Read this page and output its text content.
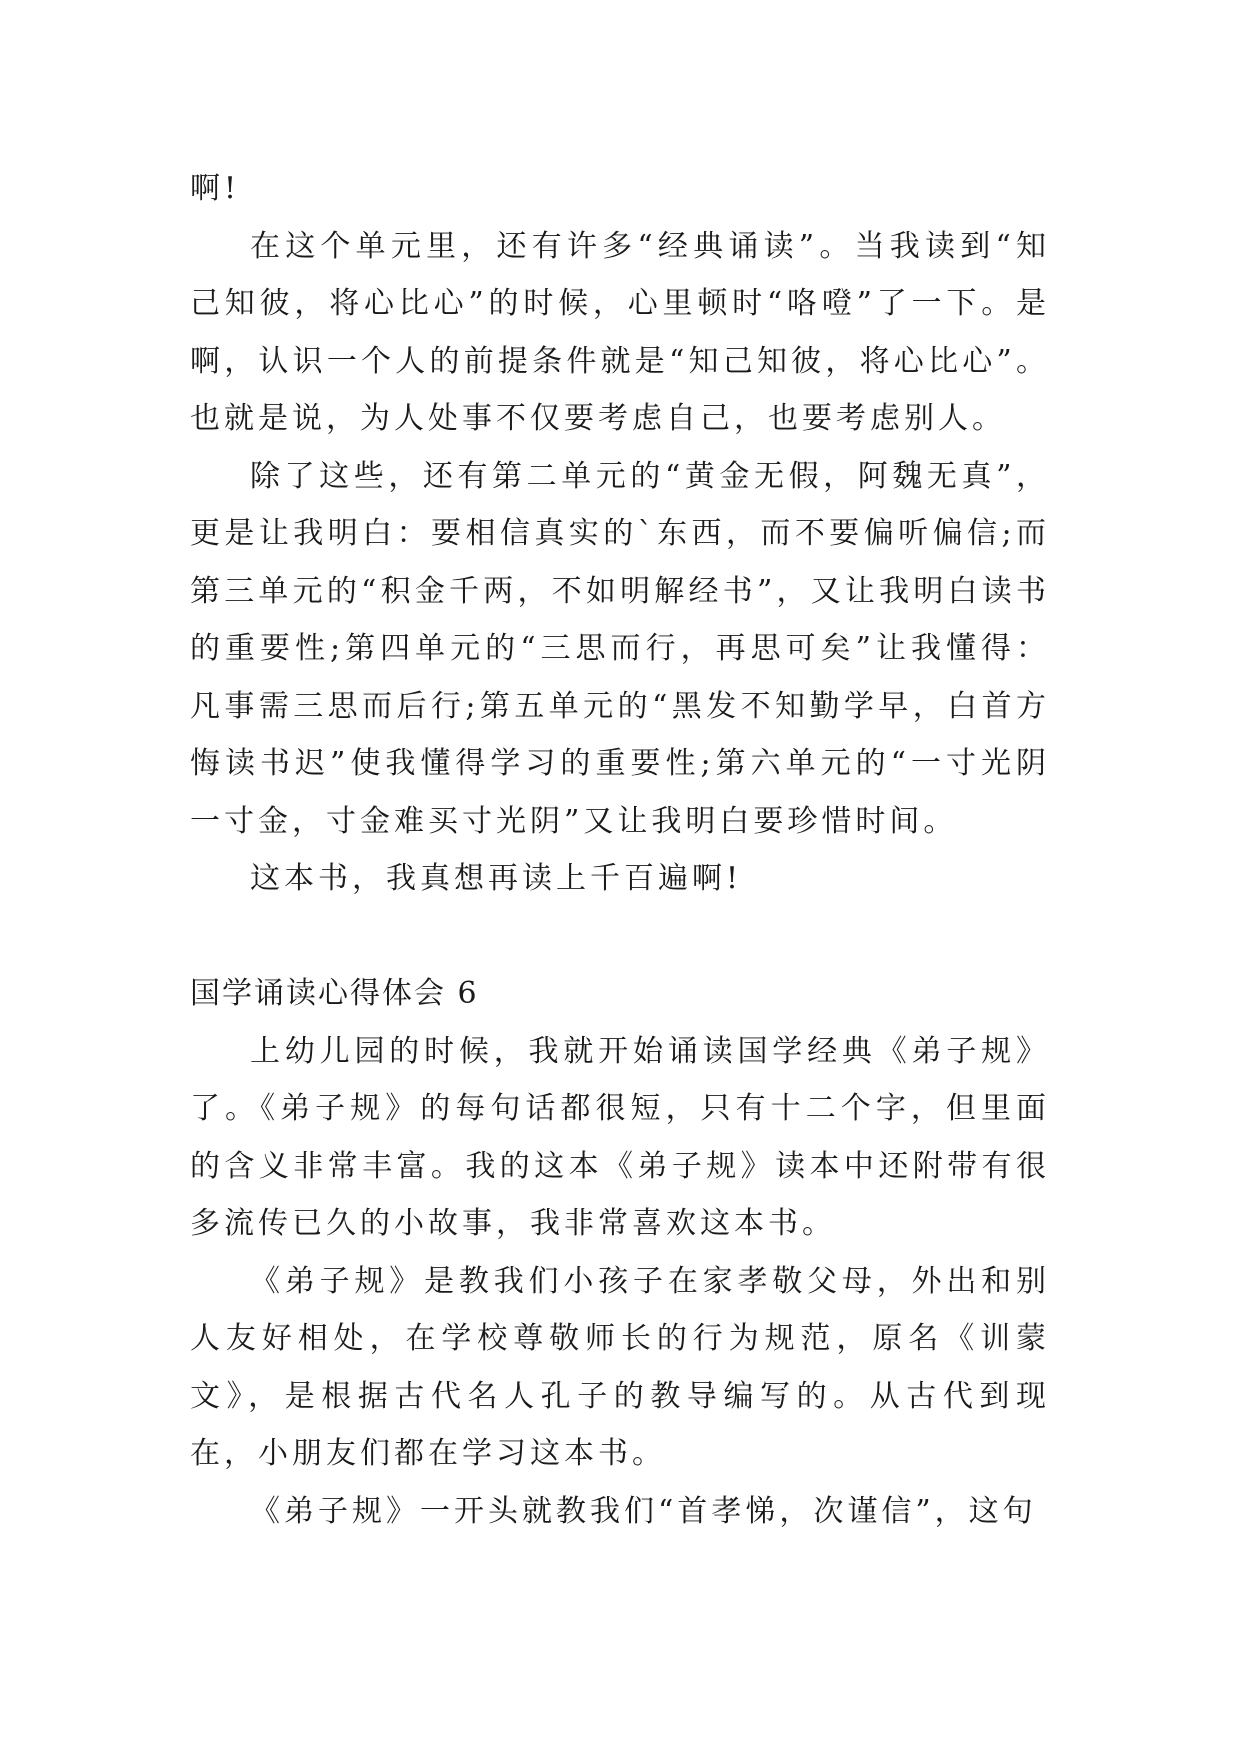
啊!

在这个单元里，还有许多“经典诵读”。当我读到“知己知彼，将心比心”的时候，心里顿时“咯噔”了一下。是啊，认识一个人的前提条件就是“知己知彼，将心比心”。也就是说，为人处事不仅要考虑自己，也要考虑别人。

除了这些，还有第二单元的“黄金无假，阿魏无真”，更是让我明白：要相信真实的`东西，而不要偏听偏信;而第三单元的“积金千两，不如明解经书”，又让我明白读书的重要性;第四单元的“三思而行，再思可矣”让我懂得：凡事需三思而后行;第五单元的“黑发不知勤学早，白首方悔读书迟”使我懂得学习的重要性;第六单元的“一寸光阴一寸金，寸金难买寸光阴”又让我明白要珍惜时间。

这本书，我真想再读上千百遍啊!

国学诵读心得体会 6

上幼儿园的时候，我就开始诵读国学经典《弟子规》了。《弟子规》的每句话都很短，只有十二个字，但里面的含义非常丰富。我的这本《弟子规》读本中还附带有很多流传已久的小故事，我非常喜欢这本书。

《弟子规》是教我们小孩子在家孝敬父母，外出和别人友好相处，在学校尊敬师长的行为规范，原名《训蒙文》，是根据古代名人孔子的教导编写的。从古代到现在，小朋友们都在学习这本书。

《弟子规》一开头就教我们“首孝悌，次谨信”，这句
